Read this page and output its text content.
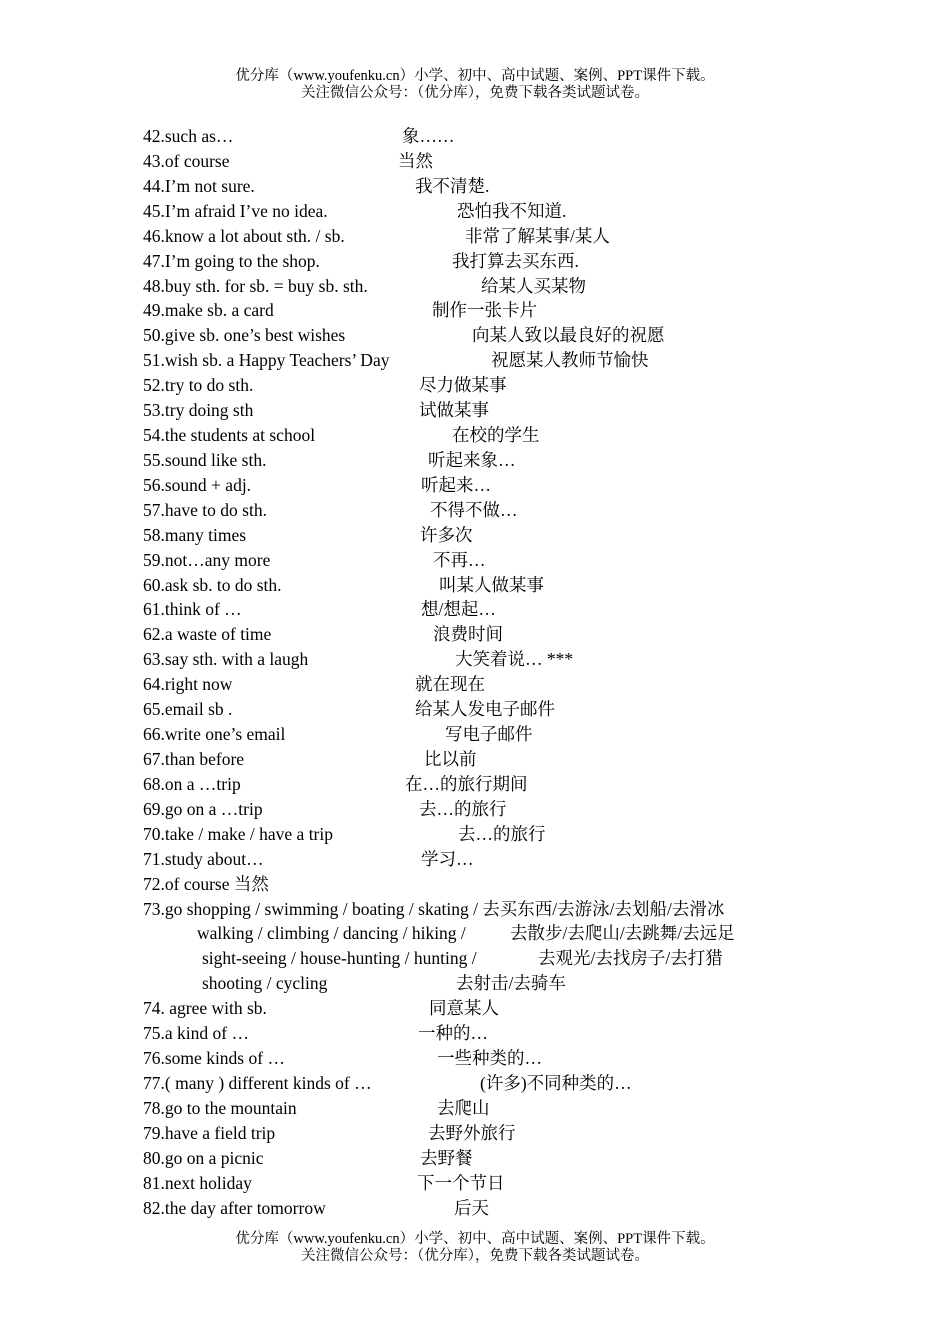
优分库（www.youfenku.cn）小学、初中、高中试题、案例、PPT课件下载。
关注微信公众号：（优分库），免费下载各类试题试卷。
42.such as…	象……
43.of course	当然
44.I’m not sure.	我不清楚.
45.I’m afraid I’ve no idea.	恐怕我不知道.
46.know a lot about sth. / sb.	非常了解某事/某人
47.I’m going to the shop.	我打算去买东西.
48.buy sth. for sb. = buy sb. sth.	给某人买某物
49.make sb. a card	制作一张卡片
50.give sb. one’s best wishes	向某人致以最良好的祝愿
51.wish sb. a Happy Teachers’ Day	祝愿某人教师节愉快
52.try to do sth.	尽力做某事
53.try doing sth	试做某事
54.the students at school	在校的学生
55.sound like sth.	听起来象…
56.sound + adj.	听起来…
57.have to do sth.	不得不做…
58.many times	许多次
59.not…any more	不再…
60.ask sb. to do sth.	叫某人做某事
61.think of …	想/想起…
62.a waste of time	浪费时间
63.say sth. with a laugh	大笑着说… ***
64.right now	就在现在
65.email sb .	给某人发电子邮件
66.write one’s email	写电子邮件
67.than before	比以前
68.on a …trip	在…的旅行期间
69.go on a …trip	去…的旅行
70.take / make / have a trip	去…的旅行
71.study about…	学习…
72.of course 当然
73.go shopping / swimming / boating / skating / 去买东西/去游泳/去划船/去滑冰
walking / climbing / dancing / hiking /	去散步/去爬山/去跳舞/去远足
sight-seeing / house-hunting / hunting /	去观光/去找房子/去打猎
shooting / cycling	去射击/去骑车
74. agree with sb.	同意某人
75.a kind of …	一种的…
76.some kinds of …	一些种类的…
77.( many ) different kinds of …	(许多)不同种类的…
78.go to the mountain	去爬山
79.have a field trip	去野外旅行
80.go on a picnic	去野餐
81.next holiday	下一个节日
82.the day after tomorrow	后天
优分库（www.youfenku.cn）小学、初中、高中试题、案例、PPT课件下载。
关注微信公众号：（优分库），免费下载各类试题试卷。
